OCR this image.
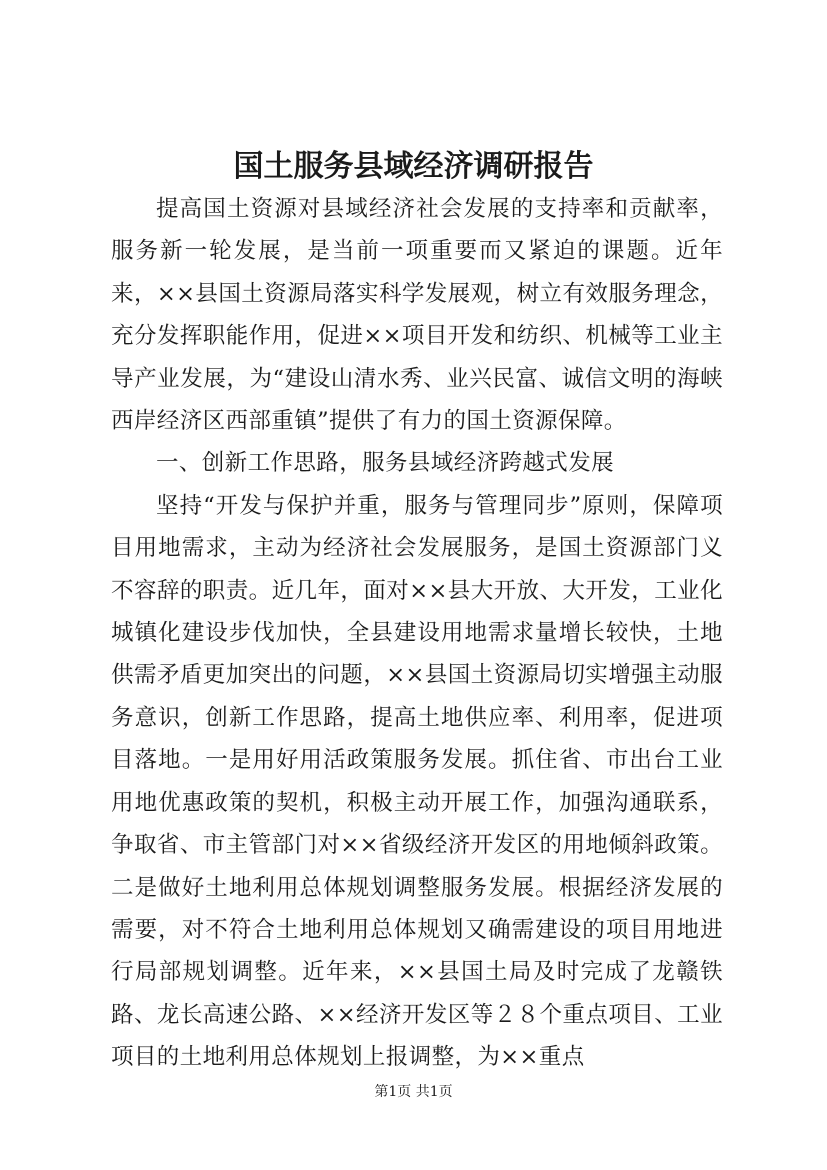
国土服务县域经济调研报告

提高国土资源对县域经济社会发展的支持率和贡献率，服务新一轮发展，是当前一项重要而又紧迫的课题。近年来，××县国土资源局落实科学发展观，树立有效服务理念，充分发挥职能作用，促进××项目开发和纺织、机械等工业主导产业发展，为“建设山清水秀、业兴民富、诚信文明的海峡西岸经济区西部重镇”提供了有力的国土资源保障。

一、创新工作思路，服务县域经济跨越式发展

坚持“开发与保护并重，服务与管理同步”原则，保障项目用地需求，主动为经济社会发展服务，是国土资源部门义不容辞的职责。近几年，面对××县大开放、大开发，工业化城镇化建设步伐加快，全县建设用地需求量增长较快，土地供需矛盾更加突出的问题，××县国土资源局切实增强主动服务意识，创新工作思路，提高土地供应率、利用率，促进项目落地。一是用好用活政策服务发展。抓住省、市出台工业用地优惠政策的契机，积极主动开展工作，加强沟通联系，争取省、市主管部门对××省级经济开发区的用地倾斜政策。二是做好土地利用总体规划调整服务发展。根据经济发展的需要，对不符合土地利用总体规划又确需建设的项目用地进行局部规划调整。近年来，××县国土局及时完成了龙赣铁路、龙长高速公路、××经济开发区等２８个重点项目、工业项目的土地利用总体规划上报调整，为××重点

第1页 共1页
